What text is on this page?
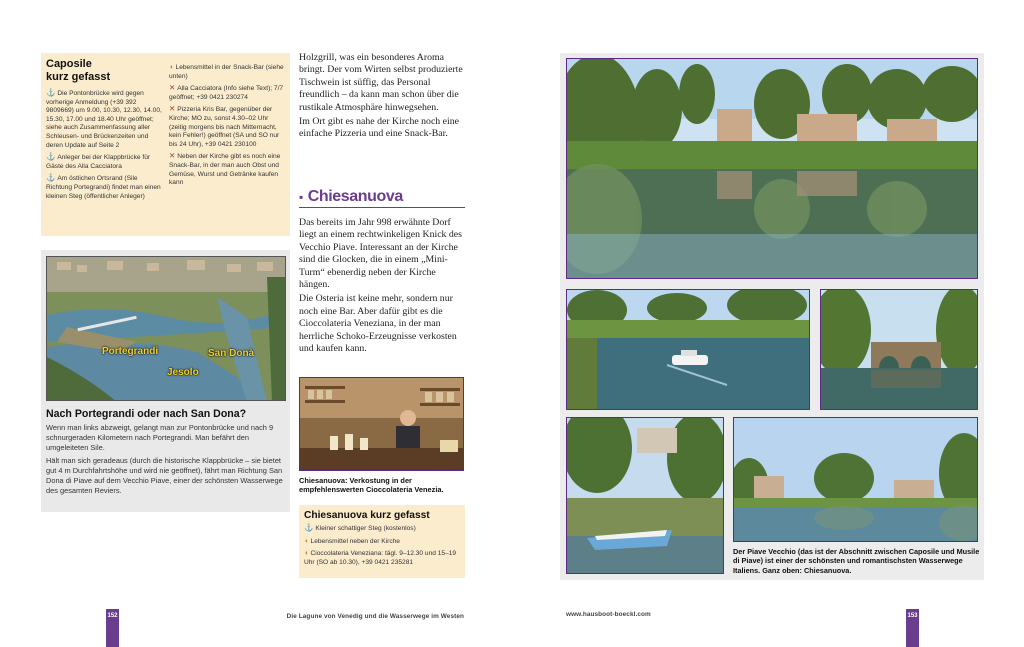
Caposile
kurz gefasst
⚓ Die Pontonbrücke wird gegen vorherige Anmeldung (+39 392 9809669) um 9.00, 10.30, 12.30, 14.00, 15.30, 17.00 und 18.40 Uhr geöffnet; siehe auch Zusammenfassung aller Schleusen- und Brückenzeiten und deren Update auf Seite 2
⚓ Anleger bei der Klappbrücke für Gäste des Alla Cacciatora
⚓ Am östlichen Ortsrand (Sile Richtung Portegrandi) findet man einen kleinen Steg (öffentlicher Anleger)
◖ Lebensmittel in der Snack-Bar (siehe unten)
✕ Alla Cacciatora (Info siehe Text); 7/7 geöffnet; +39 0421 230274
✕ Pizzeria Kris Bar, gegenüber der Kirche; MO zu, sonst 4.30–02 Uhr (zeitig morgens bis nach Mitternacht, kein Fehler!) geöffnet (SA und SO nur bis 24 Uhr), +39 0421 230100
✕ Neben der Kirche gibt es noch eine Snack-Bar, in der man auch Obst und Gemüse, Wurst und Getränke kaufen kann
Portegrandi	San Donà
Jesolo
Nach Portegrandi oder nach San Dona?

Wenn man links abzweigt, gelangt man zur Pontonbrücke und nach 9 schnurgeraden Kilometern nach Portegrandi. Man befährt den umgeleiteten Sile.

Hält man sich geradeaus (durch die historische Klappbrücke – sie bietet gut 4 m Durchfahrtshöhe und wird nie geöffnet), fährt man Richtung San Dona di Piave auf dem Vecchio Piave, einer der schönsten Wasserwege des gesamten Reviers.

Holzgrill, was ein besonderes Aroma bringt. Der vom Wirten selbst produzierte Tischwein ist süffig, das Personal freundlich – da kann man schon über die rustikale Atmosphäre hinwegsehen.

Im Ort gibt es nahe der Kirche noch eine einfache Pizzeria und eine Snack-Bar.

▪ Chiesanuova

Das bereits im Jahr 998 erwähnte Dorf liegt an einem rechtwinkeligen Knick des Vecchio Piave. Interessant an der Kirche sind die Glocken, die in einem „Mini-Turm“ ebenerdig neben der Kirche hängen.

Die Osteria ist keine mehr, sondern nur noch eine Bar. Aber dafür gibt es die Cioccolateria Veneziana, in der man herrliche Schoko-Erzeugnisse verkosten und kaufen kann.

Chiesanuova: Verkostung in der empfehlenswerten Cioccolateria Venezia.
Chiesanuova kurz gefasst
⚓ Kleiner schattiger Steg (kostenlos)
◖ Lebensmittel neben der Kirche
◖ Cioccolateria Veneziana: tägl. 9–12.30 und 15–19 Uhr (SO ab 10.30), +39 0421 235281
152	Die Lagune von Venedig und die Wasserwege im Westen
Der Piave Vecchio (das ist der Abschnitt zwischen Caposile und Musile di Piave) ist einer der schönsten und romantischsten Wasserwege Italiens. Ganz oben: Chiesanuova.
www.hausboot-boeckl.com	153
